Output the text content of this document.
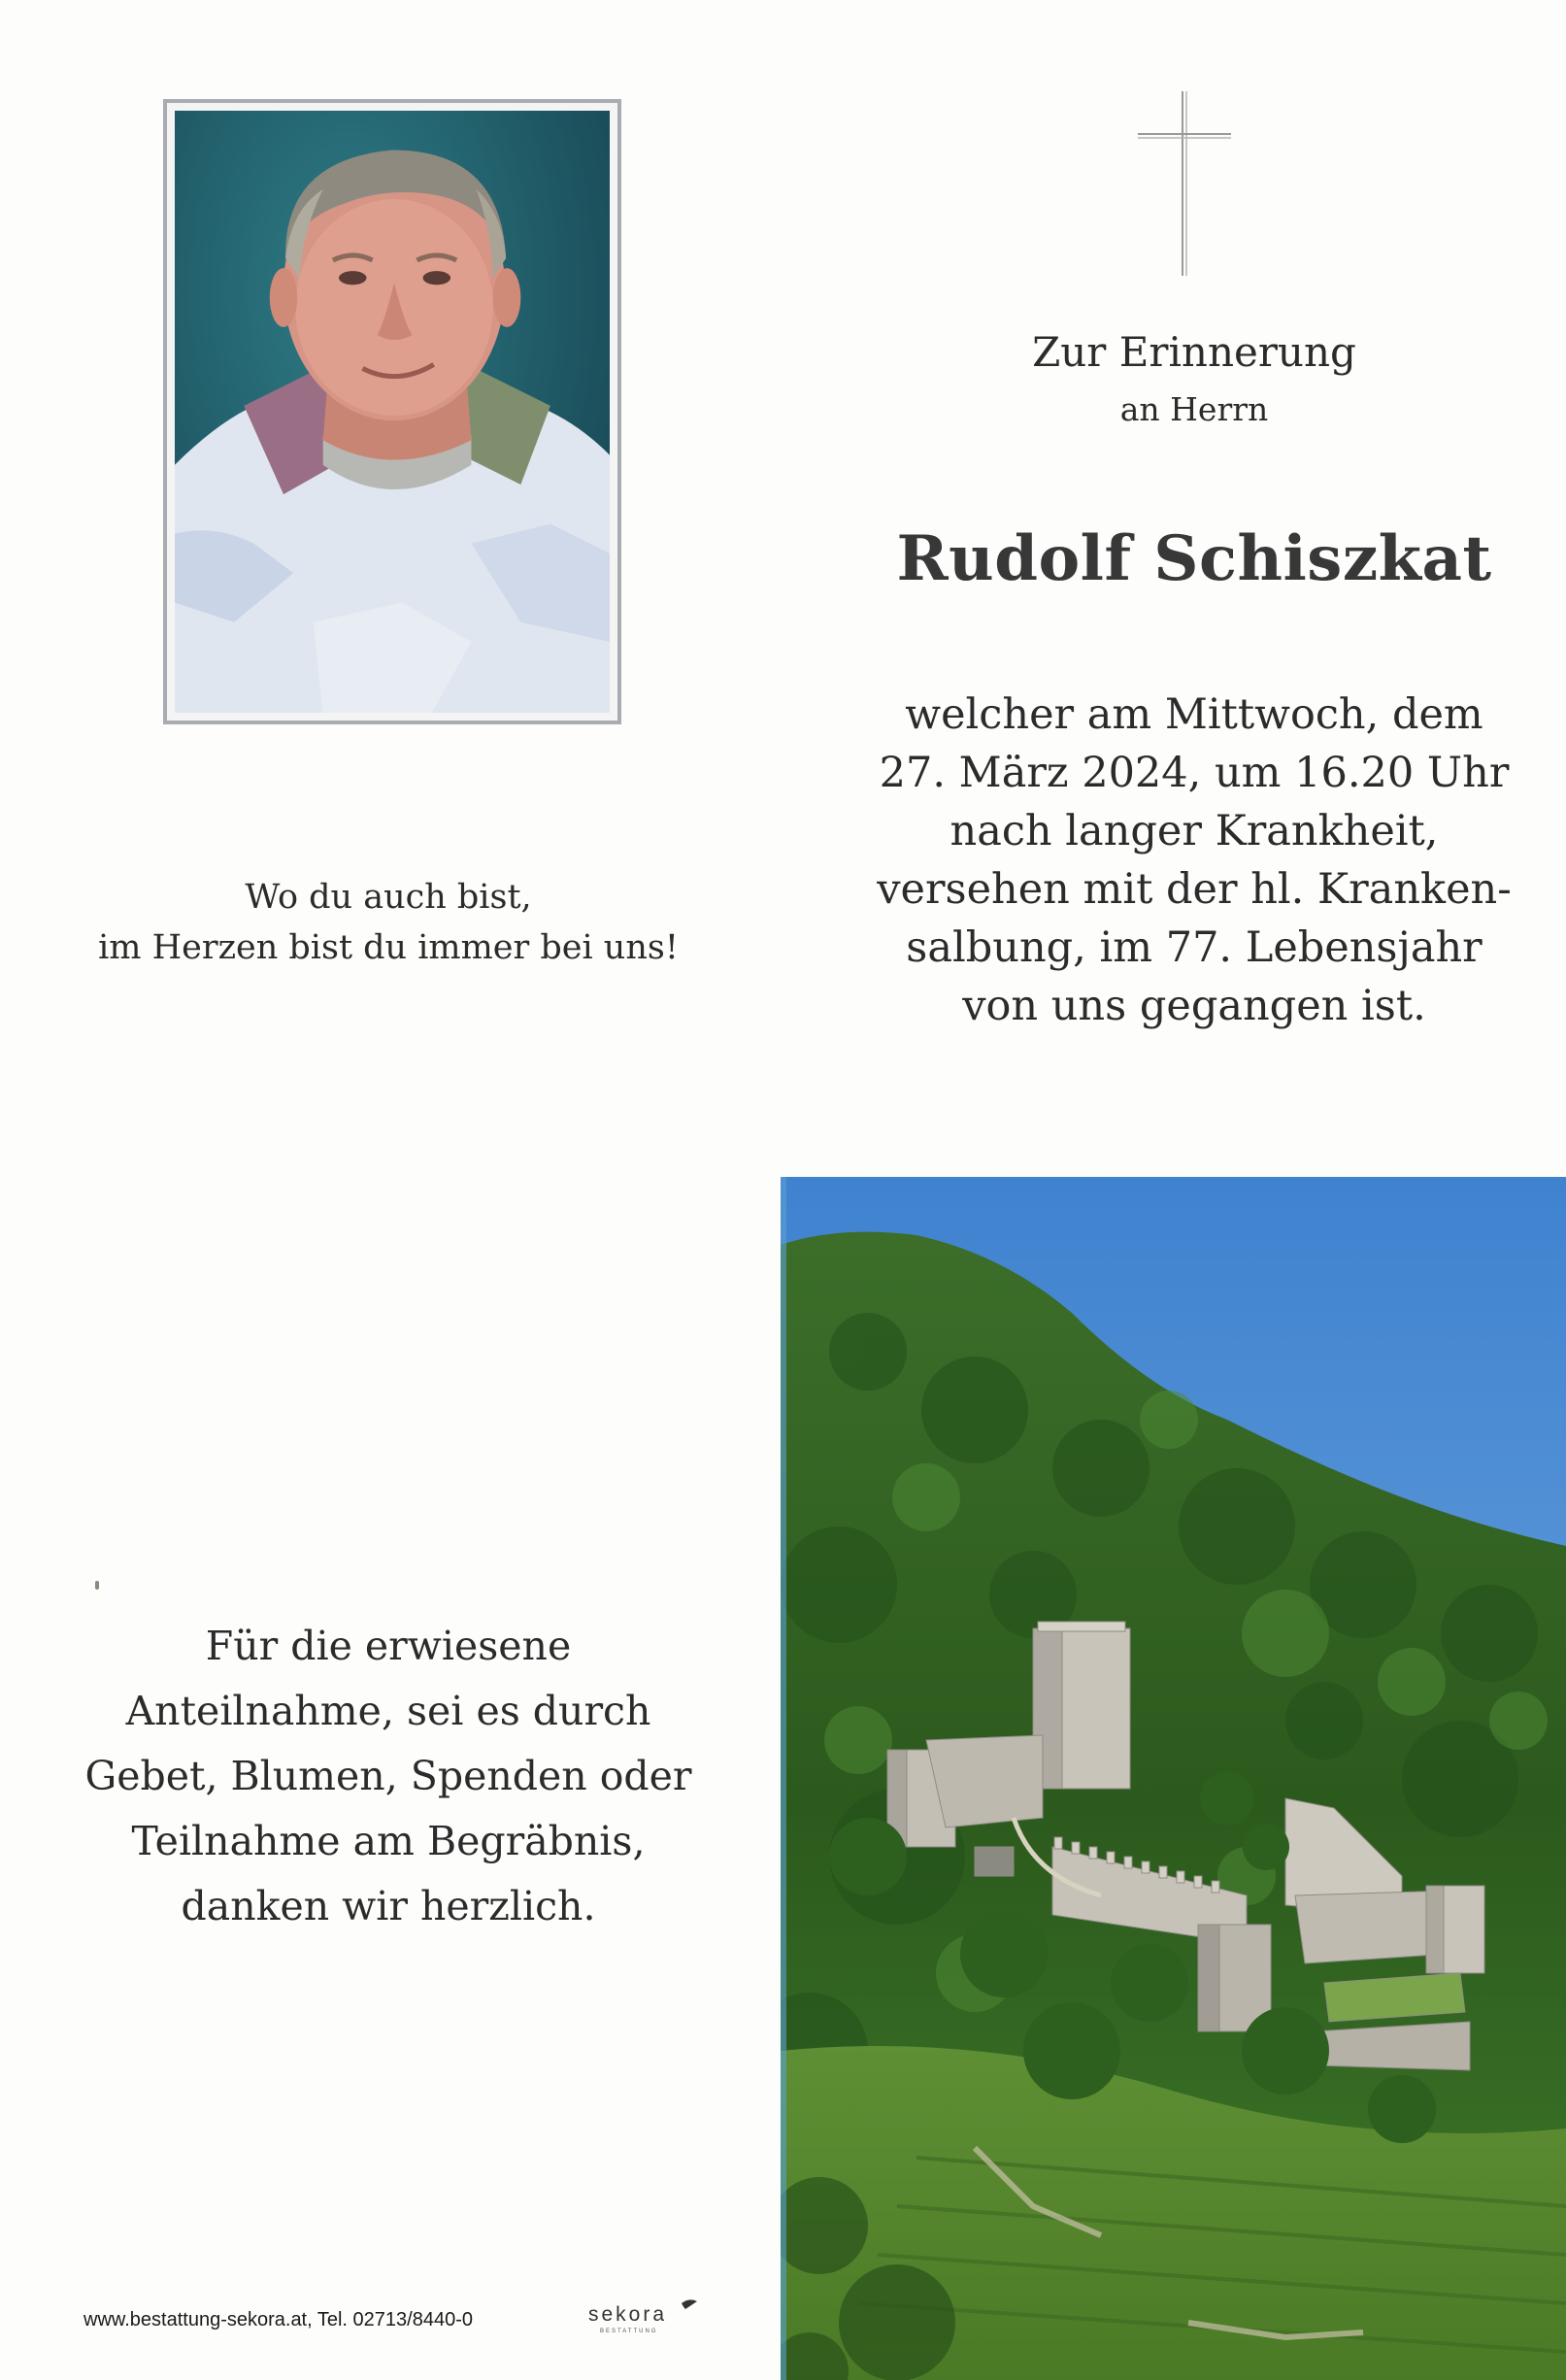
Zur Erinnerung
an Herrn
Rudolf Schiszkat
welcher am Mittwoch, dem
27. März 2024, um 16.20 Uhr
nach langer Krankheit,
versehen mit der hl. Kranken-
salbung, im 77. Lebensjahr
von uns gegangen ist.
Wo du auch bist,
im Herzen bist du immer bei uns!
Für die erwiesene
Anteilnahme, sei es durch
Gebet, Blumen, Spenden oder
Teilnahme am Begräbnis,
danken wir herzlich.
www.bestattung-sekora.at, Tel. 02713/8440-0	sekora
BESTATTUNG
